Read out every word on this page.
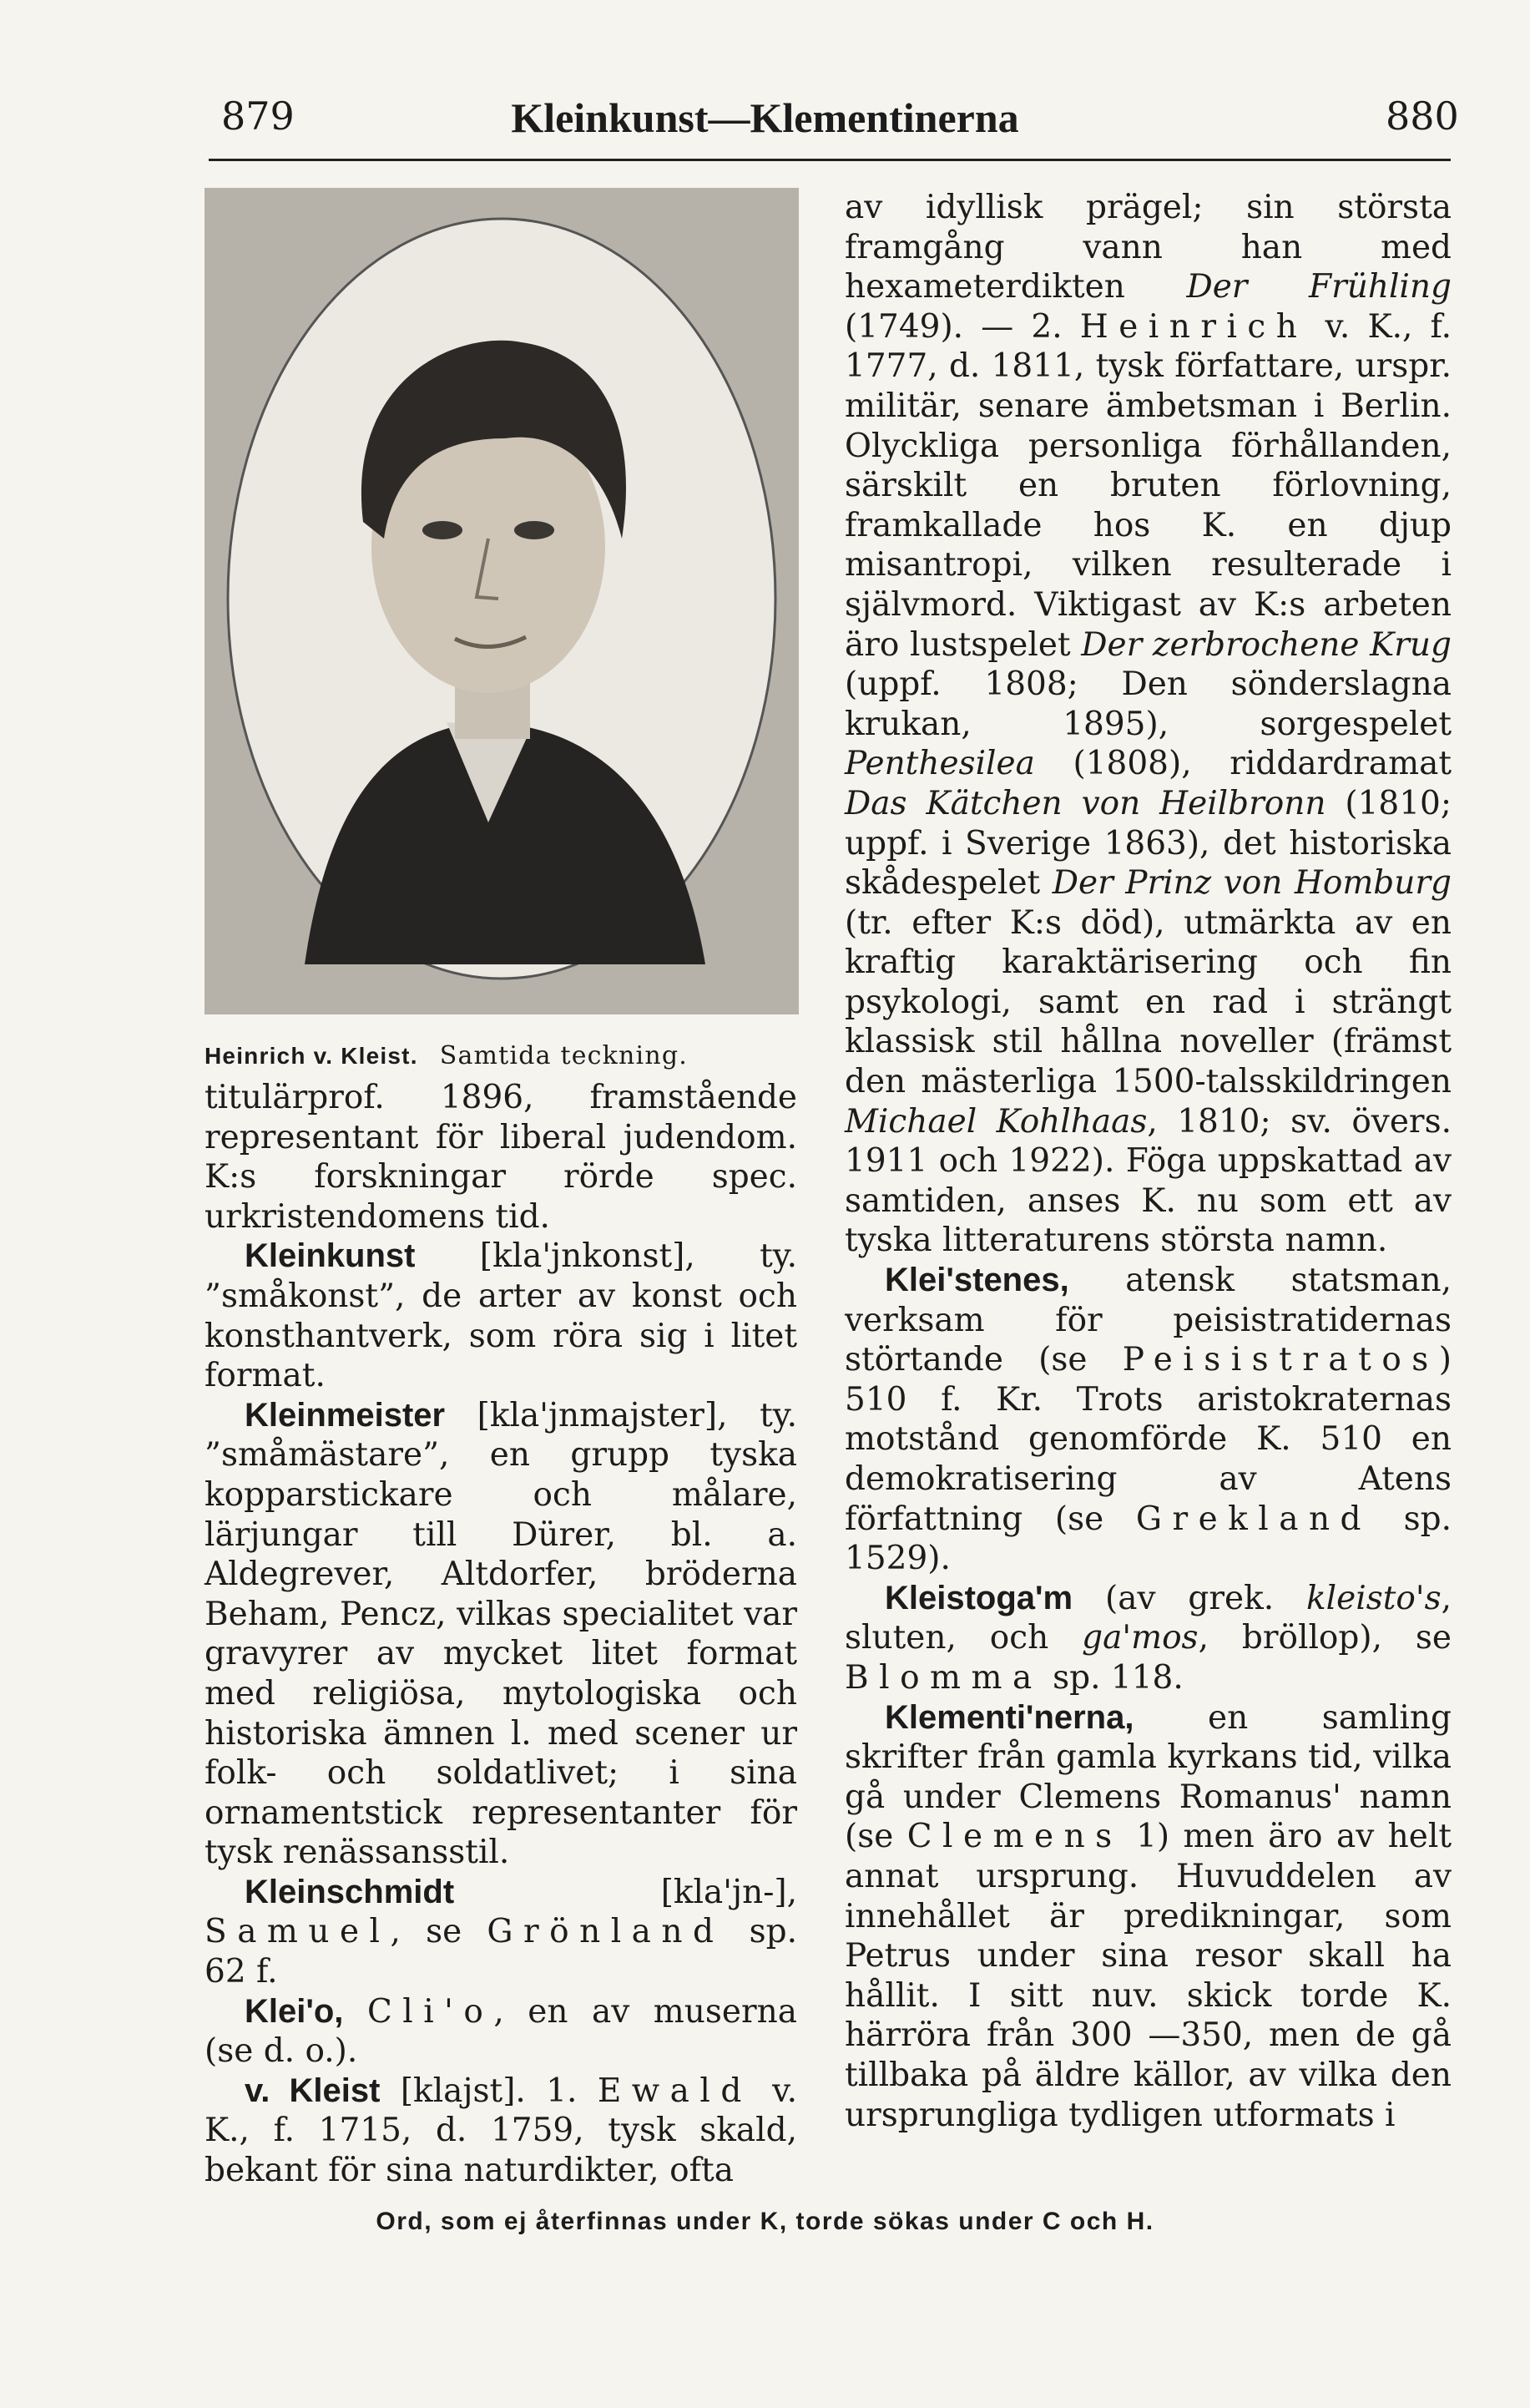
879	Kleinkunst—Klementinerna	880
Heinrich v. Kleist. Samtida teckning.

titulärprof. 1896, framstående representant för liberal judendom. K:s forskningar rörde spec. urkristendomens tid.

Kleinkunst [kla'jnkonst], ty. ”småkonst”, de arter av konst och konsthantverk, som röra sig i litet format.

Kleinmeister [kla'jnmajster], ty. ”småmästare”, en grupp tyska kopparstickare och målare, lärjungar till Dürer, bl. a. Aldegrever, Altdorfer, bröderna Beham, Pencz, vilkas specialitet var gravyrer av mycket litet format med religiösa, mytologiska och historiska ämnen l. med scener ur folk- och soldatlivet; i sina ornamentstick representanter för tysk renässansstil.

Kleinschmidt [kla'jn-], Samuel, se Grönland sp. 62 f.

Klei'o, Cli'o, en av muserna (se d. o.).

v. Kleist [klajst]. 1. Ewald v. K., f. 1715, d. 1759, tysk skald, bekant för sina naturdikter, ofta

av idyllisk prägel; sin största framgång vann han med hexameterdikten Der Frühling (1749). — 2. Heinrich v. K., f. 1777, d. 1811, tysk författare, urspr. militär, senare ämbetsman i Berlin. Olyckliga personliga förhållanden, särskilt en bruten förlovning, framkallade hos K. en djup misantropi, vilken resulterade i självmord. Viktigast av K:s arbeten äro lustspelet Der zerbrochene Krug (uppf. 1808; Den sönderslagna krukan, 1895), sorgespelet Penthesilea (1808), riddardramat Das Kätchen von Heilbronn (1810; uppf. i Sverige 1863), det historiska skådespelet Der Prinz von Homburg (tr. efter K:s död), utmärkta av en kraftig karaktärisering och fin psykologi, samt en rad i strängt klassisk stil hållna noveller (främst den mästerliga 1500-talsskildringen Michael Kohlhaas, 1810; sv. övers. 1911 och 1922). Föga uppskattad av samtiden, anses K. nu som ett av tyska litteraturens största namn.

Klei'stenes, atensk statsman, verksam för peisistratidernas störtande (se Peisistratos) 510 f. Kr. Trots aristokraternas motstånd genomförde K. 510 en demokratisering av Atens författning (se Grekland sp. 1529).

Kleistoga'm (av grek. kleisto's, sluten, och ga'mos, bröllop), se Blomma sp. 118.

Klementi'nerna, en samling skrifter från gamla kyrkans tid, vilka gå under Clemens Romanus' namn (se Clemens 1) men äro av helt annat ursprung. Huvuddelen av innehållet är predikningar, som Petrus under sina resor skall ha hållit. I sitt nuv. skick torde K. härröra från 300 —350, men de gå tillbaka på äldre källor, av vilka den ursprungliga tydligen utformats i

Ord, som ej återfinnas under K, torde sökas under C och H.
